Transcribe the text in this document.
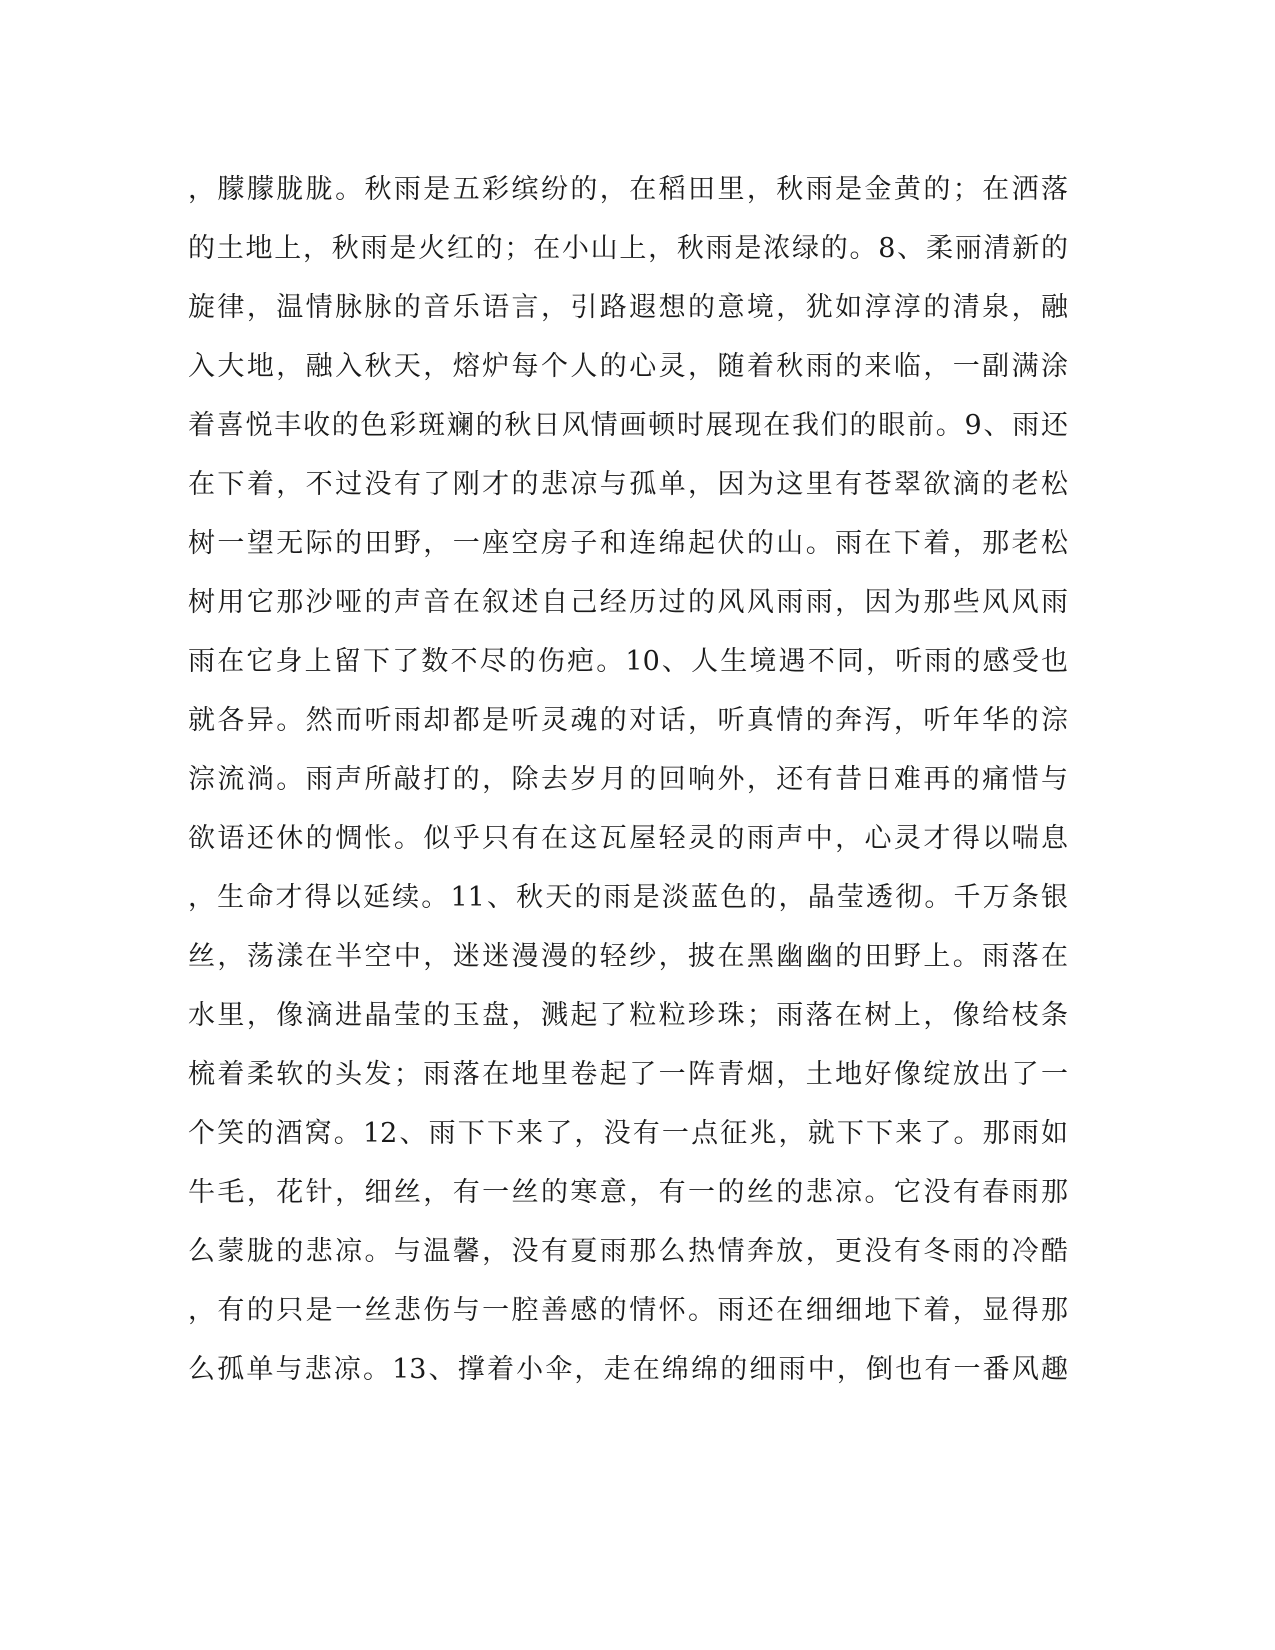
，朦朦胧胧。秋雨是五彩缤纷的，在稻田里，秋雨是金黄的；在洒落
的土地上，秋雨是火红的；在小山上，秋雨是浓绿的。8、柔丽清新的
旋律，温情脉脉的音乐语言，引路遐想的意境，犹如淳淳的清泉，融
入大地，融入秋天，熔炉每个人的心灵，随着秋雨的来临，一副满涂
着喜悦丰收的色彩斑斓的秋日风情画顿时展现在我们的眼前。9、雨还
在下着，不过没有了刚才的悲凉与孤单，因为这里有苍翠欲滴的老松
树一望无际的田野，一座空房子和连绵起伏的山。雨在下着，那老松
树用它那沙哑的声音在叙述自己经历过的风风雨雨，因为那些风风雨
雨在它身上留下了数不尽的伤疤。10、人生境遇不同，听雨的感受也
就各异。然而听雨却都是听灵魂的对话，听真情的奔泻，听年华的淙
淙流淌。雨声所敲打的，除去岁月的回响外，还有昔日难再的痛惜与
欲语还休的惆怅。似乎只有在这瓦屋轻灵的雨声中，心灵才得以喘息
，生命才得以延续。11、秋天的雨是淡蓝色的，晶莹透彻。千万条银
丝，荡漾在半空中，迷迷漫漫的轻纱，披在黑幽幽的田野上。雨落在
水里，像滴进晶莹的玉盘，溅起了粒粒珍珠；雨落在树上，像给枝条
梳着柔软的头发；雨落在地里卷起了一阵青烟，土地好像绽放出了一
个笑的酒窝。12、雨下下来了，没有一点征兆，就下下来了。那雨如
牛毛，花针，细丝，有一丝的寒意，有一的丝的悲凉。它没有春雨那
么蒙胧的悲凉。与温馨，没有夏雨那么热情奔放，更没有冬雨的冷酷
，有的只是一丝悲伤与一腔善感的情怀。雨还在细细地下着，显得那
么孤单与悲凉。13、撑着小伞，走在绵绵的细雨中，倒也有一番风趣
